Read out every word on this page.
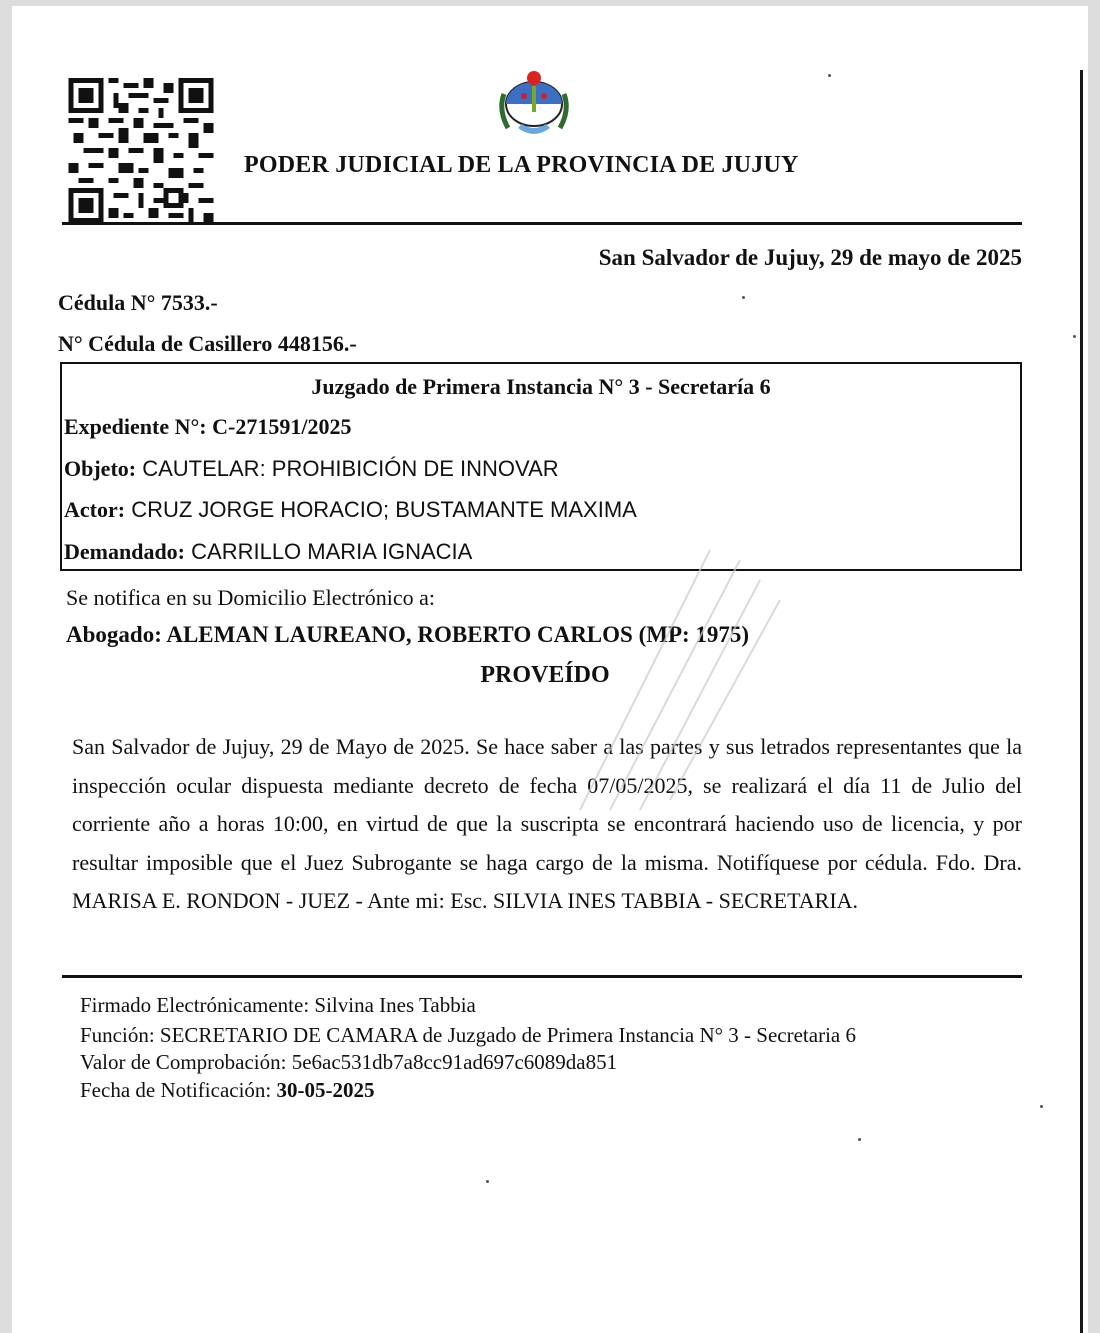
PODER JUDICIAL DE LA PROVINCIA DE JUJUY
San Salvador de Jujuy, 29 de mayo de 2025
Cédula N° 7533.-
N° Cédula de Casillero 448156.-
Juzgado de Primera Instancia N° 3 - Secretaría 6
Expediente N°: C-271591/2025
Objeto: CAUTELAR: PROHIBICIÓN DE INNOVAR
Actor: CRUZ JORGE HORACIO; BUSTAMANTE MAXIMA
Demandado: CARRILLO MARIA IGNACIA
Se notifica en su Domicilio Electrónico a:
Abogado: ALEMAN LAUREANO, ROBERTO CARLOS (MP: 1975)
PROVEÍDO
San Salvador de Jujuy, 29 de Mayo de 2025. Se hace saber a las partes y sus letrados representantes que la inspección ocular dispuesta mediante decreto de fecha 07/05/2025, se realizará el día 11 de Julio del corriente año a horas 10:00, en virtud de que la suscripta se encontrará haciendo uso de licencia, y por resultar imposible que el Juez Subrogante se haga cargo de la misma. Notifíquese por cédula. Fdo. Dra. MARISA E. RONDON - JUEZ - Ante mi: Esc. SILVIA INES TABBIA - SECRETARIA.
Firmado Electrónicamente: Silvina Ines Tabbia
Función: SECRETARIO DE CAMARA de Juzgado de Primera Instancia N° 3 - Secretaria 6
Valor de Comprobación: 5e6ac531db7a8cc91ad697c6089da851
Fecha de Notificación: 30-05-2025
